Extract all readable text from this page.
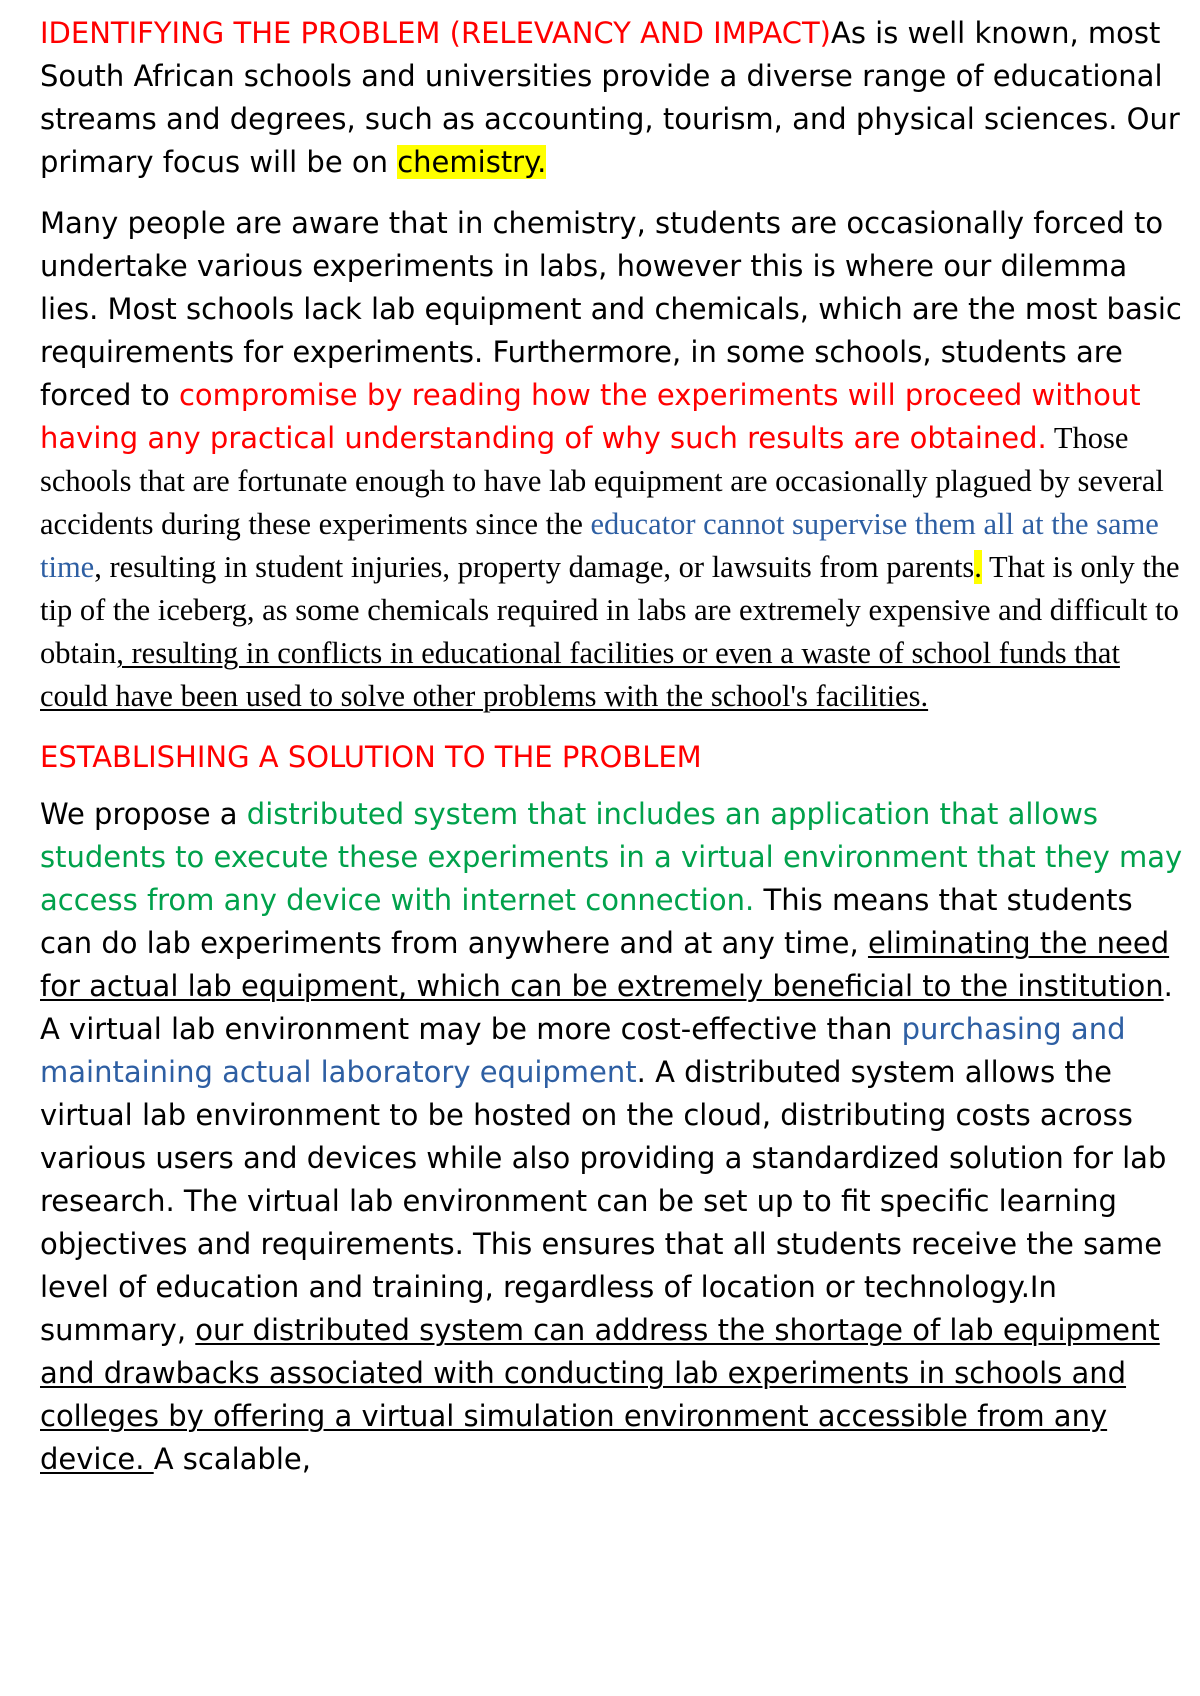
IDENTIFYING THE PROBLEM (RELEVANCY AND IMPACT)As is well known, most South African schools and universities provide a diverse range of educational streams and degrees, such as accounting, tourism, and physical sciences. Our primary focus will be on chemistry.

Many people are aware that in chemistry, students are occasionally forced to undertake various experiments in labs, however this is where our dilemma lies. Most schools lack lab equipment and chemicals, which are the most basic requirements for experiments. Furthermore, in some schools, students are forced to compromise by reading how the experiments will proceed without having any practical understanding of why such results are obtained. Those schools that are fortunate enough to have lab equipment are occasionally plagued by several accidents during these experiments since the educator cannot supervise them all at the same time, resulting in student injuries, property damage, or lawsuits from parents. That is only the tip of the iceberg, as some chemicals required in labs are extremely expensive and difficult to obtain, resulting in conflicts in educational facilities or even a waste of school funds that could have been used to solve other problems with the school's facilities.

ESTABLISHING A SOLUTION TO THE PROBLEM

We propose a distributed system that includes an application that allows students to execute these experiments in a virtual environment that they may access from any device with internet connection. This means that students can do lab experiments from anywhere and at any time, eliminating the need for actual lab equipment, which can be extremely beneficial to the institution. A virtual lab environment may be more cost-effective than purchasing and maintaining actual laboratory equipment. A distributed system allows the virtual lab environment to be hosted on the cloud, distributing costs across various users and devices while also providing a standardized solution for lab research. The virtual lab environment can be set up to fit specific learning objectives and requirements. This ensures that all students receive the same level of education and training, regardless of location or technology.In summary, our distributed system can address the shortage of lab equipment and drawbacks associated with conducting lab experiments in schools and colleges by offering a virtual simulation environment accessible from any device. A scalable,
